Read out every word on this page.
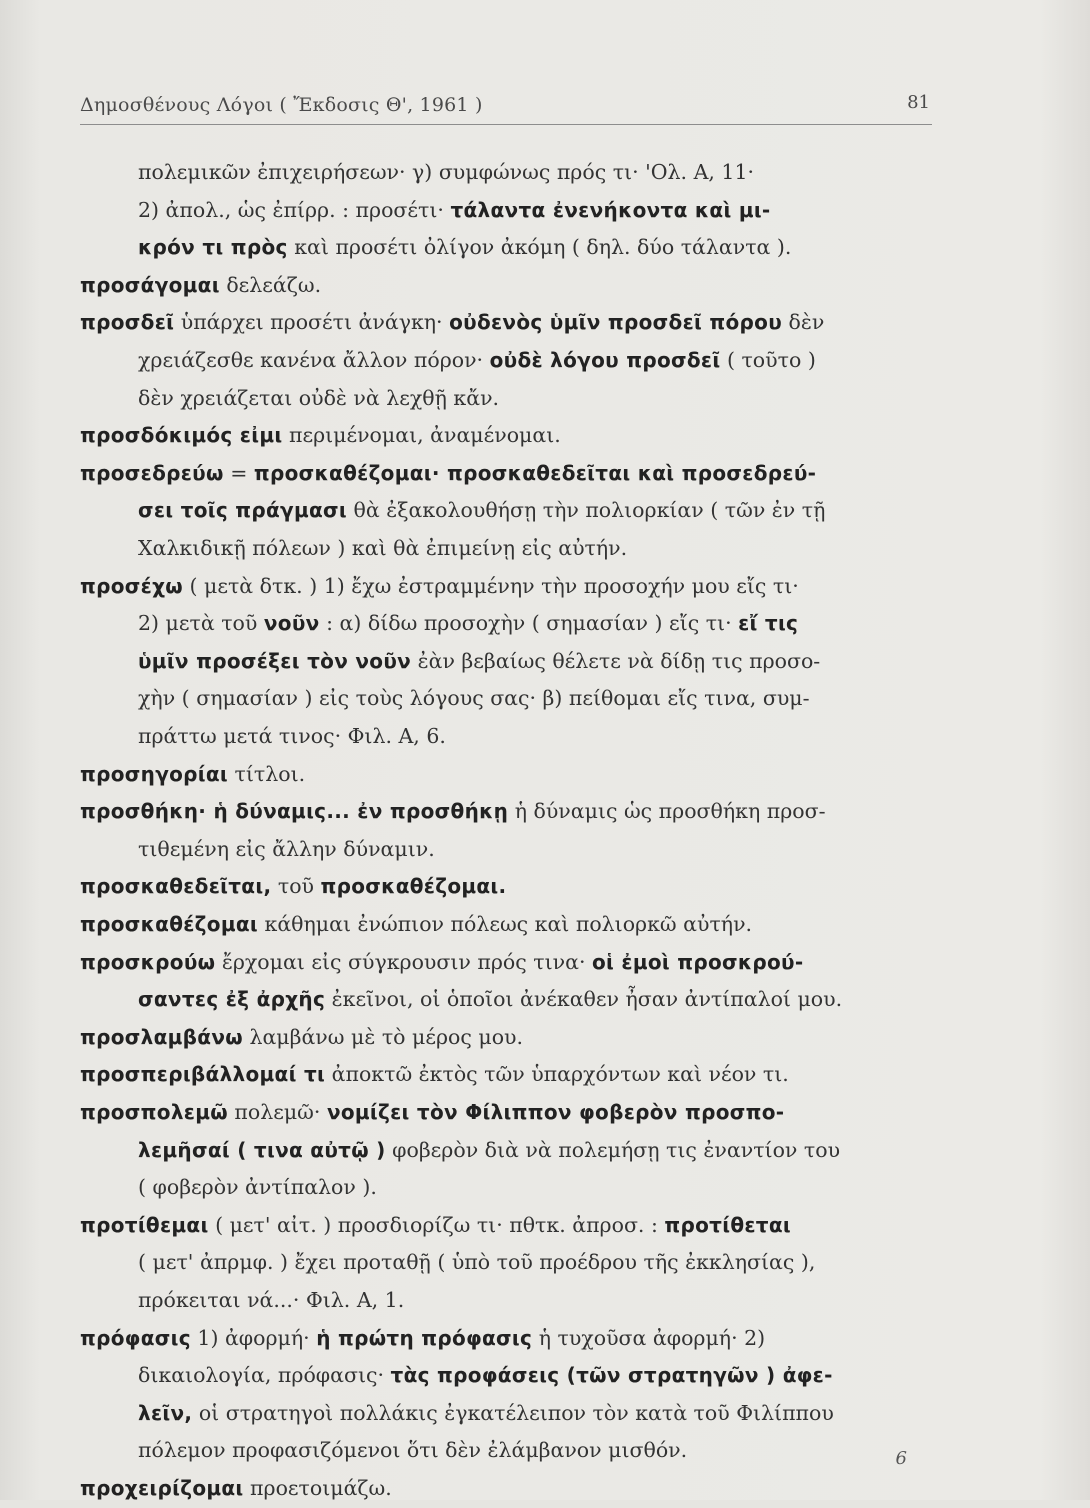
Δημοσθένους Λόγοι ( Ἔκδοσις Θ', 1961 )	81
πολεμικῶν ἐπιχειρήσεων· γ) συμφώνως πρός τι· 'Ολ. Α, 11·
2) ἀπολ., ὡς ἐπίρρ. : προσέτι· τάλαντα ἐνενήκοντα καὶ μι-
κρόν τι πρὸς καὶ προσέτι ὀλίγον ἀκόμη ( δηλ. δύο τάλαντα ).
προσάγομαι δελεάζω.
προσδεῖ ὑπάρχει προσέτι ἀνάγκη· οὐδενὸς ὑμῖν προσδεῖ πόρου δὲν
χρειάζεσθε κανένα ἄλλον πόρον· οὐδὲ λόγου προσδεῖ ( τοῦτο )
δὲν χρειάζεται οὐδὲ νὰ λεχθῇ κἄν.
προσδόκιμός εἰμι περιμένομαι, ἀναμένομαι.
προσεδρεύω = προσκαθέζομαι· προσκαθεδεῖται καὶ προσεδρεύ-
σει τοῖς πράγμασι θὰ ἐξακολουθήσῃ τὴν πολιορκίαν ( τῶν ἐν τῇ
Χαλκιδικῇ πόλεων ) καὶ θὰ ἐπιμείνῃ εἰς αὐτήν.
προσέχω ( μετὰ δτκ. ) 1) ἔχω ἐστραμμένην τὴν προσοχήν μου εἴς τι·
2) μετὰ τοῦ νοῦν : α) δίδω προσοχὴν ( σημασίαν ) εἴς τι· εἴ τις
ὑμῖν προσέξει τὸν νοῦν ἐὰν βεβαίως θέλετε νὰ δίδῃ τις προσο-
χὴν ( σημασίαν ) εἰς τοὺς λόγους σας· β) πείθομαι εἴς τινα, συμ-
πράττω μετά τινος· Φιλ. Α, 6.
προσηγορίαι τίτλοι.
προσθήκη· ἡ δύναμις... ἐν προσθήκῃ ἡ δύναμις ὡς προσθήκη προσ-
τιθεμένη εἰς ἄλλην δύναμιν.
προσκαθεδεῖται, τοῦ προσκαθέζομαι.
προσκαθέζομαι κάθημαι ἐνώπιον πόλεως καὶ πολιορκῶ αὐτήν.
προσκρούω ἔρχομαι εἰς σύγκρουσιν πρός τινα· οἱ ἐμοὶ προσκρού-
σαντες ἐξ ἀρχῆς ἐκεῖνοι, οἱ ὁποῖοι ἀνέκαθεν ἦσαν ἀντίπαλοί μου.
προσλαμβάνω λαμβάνω μὲ τὸ μέρος μου.
προσπεριβάλλομαί τι ἀποκτῶ ἐκτὸς τῶν ὑπαρχόντων καὶ νέον τι.
προσπολεμῶ πολεμῶ· νομίζει τὸν Φίλιππον φοβερὸν προσπο-
λεμῆσαί ( τινα αὐτῷ ) φοβερὸν διὰ νὰ πολεμήσῃ τις ἐναντίον του
( φοβερὸν ἀντίπαλον ).
προτίθεμαι ( μετ' αἰτ. ) προσδιορίζω τι· πθτκ. ἀπροσ. : προτίθεται
( μετ' ἀπρμφ. ) ἔχει προταθῇ ( ὑπὸ τοῦ προέδρου τῆς ἐκκλησίας ),
πρόκειται νά...· Φιλ. Α, 1.
πρόφασις 1) ἀφορμή· ἡ πρώτη πρόφασις ἡ τυχοῦσα ἀφορμή· 2)
δικαιολογία, πρόφασις· τὰς προφάσεις (τῶν στρατηγῶν ) ἀφε-
λεῖν, οἱ στρατηγοὶ πολλάκις ἐγκατέλειπον τὸν κατὰ τοῦ Φιλίππου
πόλεμον προφασιζόμενοι ὅτι δὲν ἐλάμβανον μισθόν.
προχειρίζομαι προετοιμάζω.
6
